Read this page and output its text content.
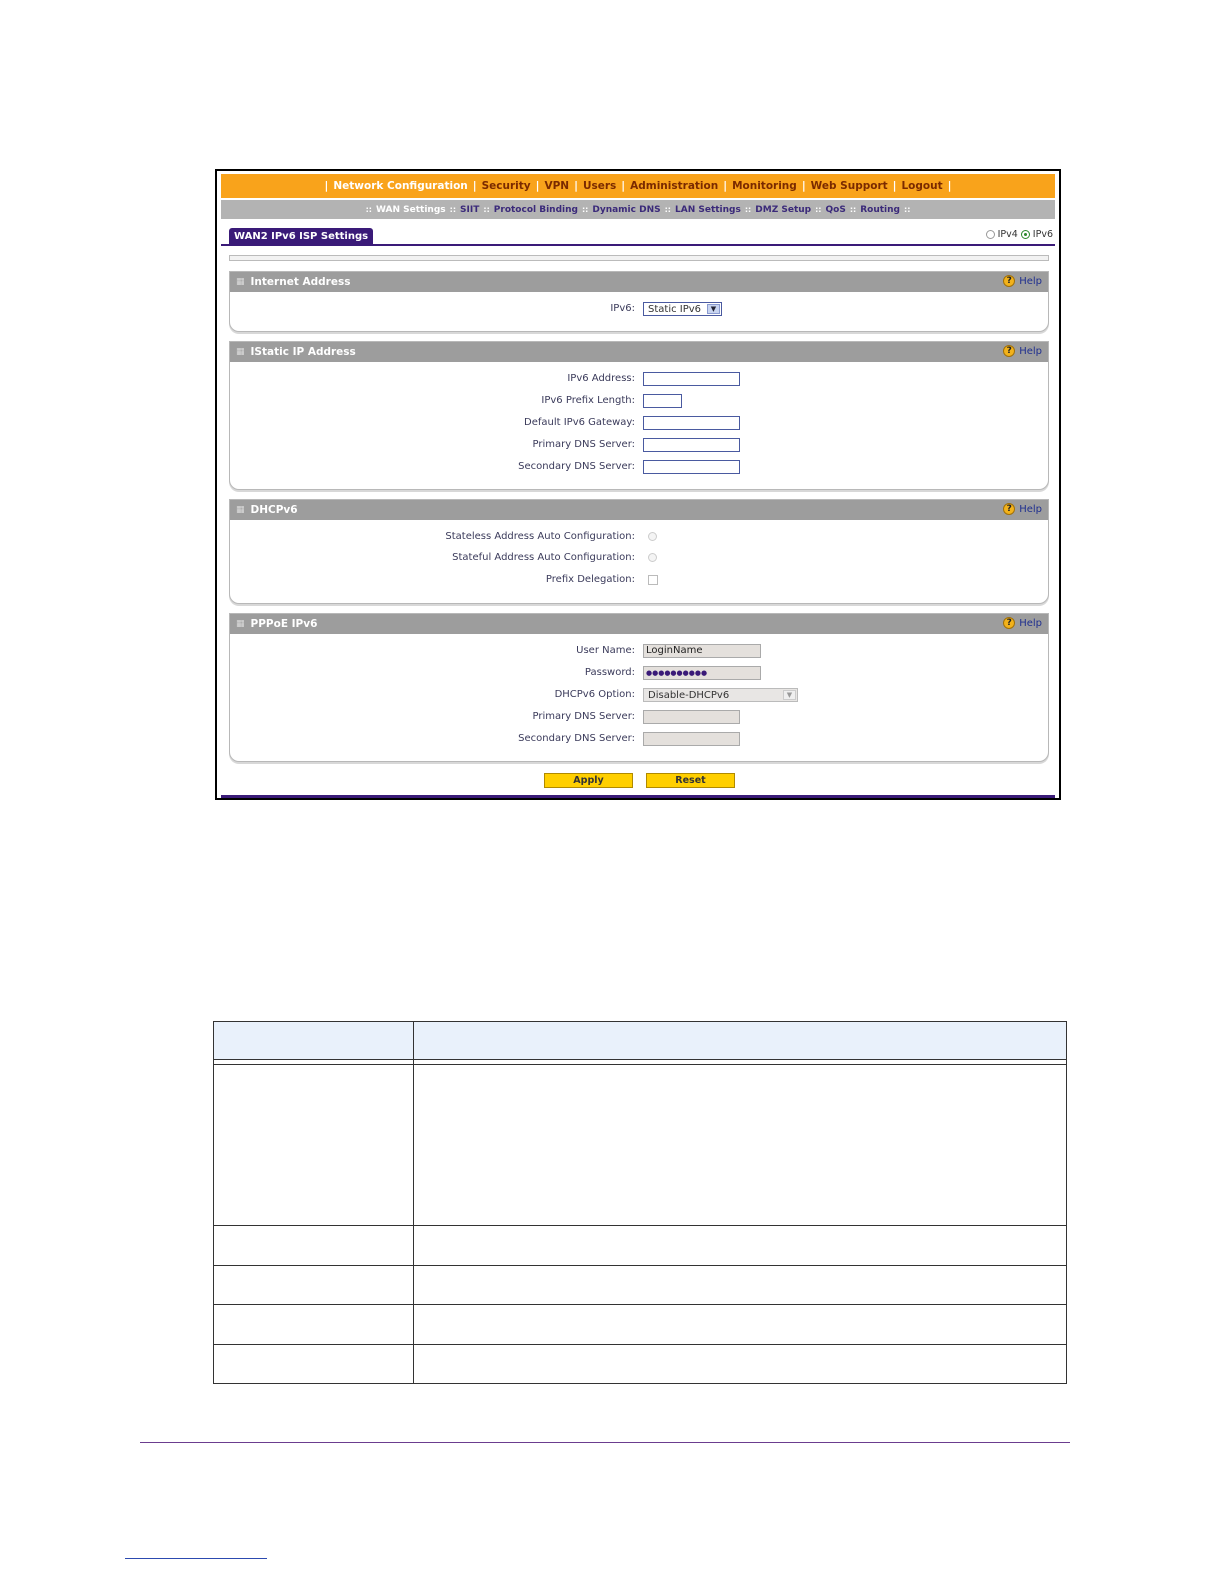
| Network Configuration | Security | VPN | Users | Administration | Monitoring | Web Support | Logout |
:: WAN Settings :: SIIT :: Protocol Binding :: Dynamic DNS :: LAN Settings :: DMZ Setup :: QoS :: Routing ::
WAN2 IPv6 ISP Settings	IPv4 IPv6
▦ Internet Address	? Help
IPv6: Static IPv6	▼
▦ IStatic IP Address	? Help
IPv6 Address:
IPv6 Prefix Length:
Default IPv6 Gateway:
Primary DNS Server:
Secondary DNS Server:
▦ DHCPv6	? Help
Stateless Address Auto Configuration:
Stateful Address Auto Configuration:
Prefix Delegation:
▦ PPPoE IPv6	? Help
User Name:	LoginName
Password:	●●●●●●●●●●
DHCPv6 Option: Disable-DHCPv6	▼
Primary DNS Server:
Secondary DNS Server:
Apply	Reset
